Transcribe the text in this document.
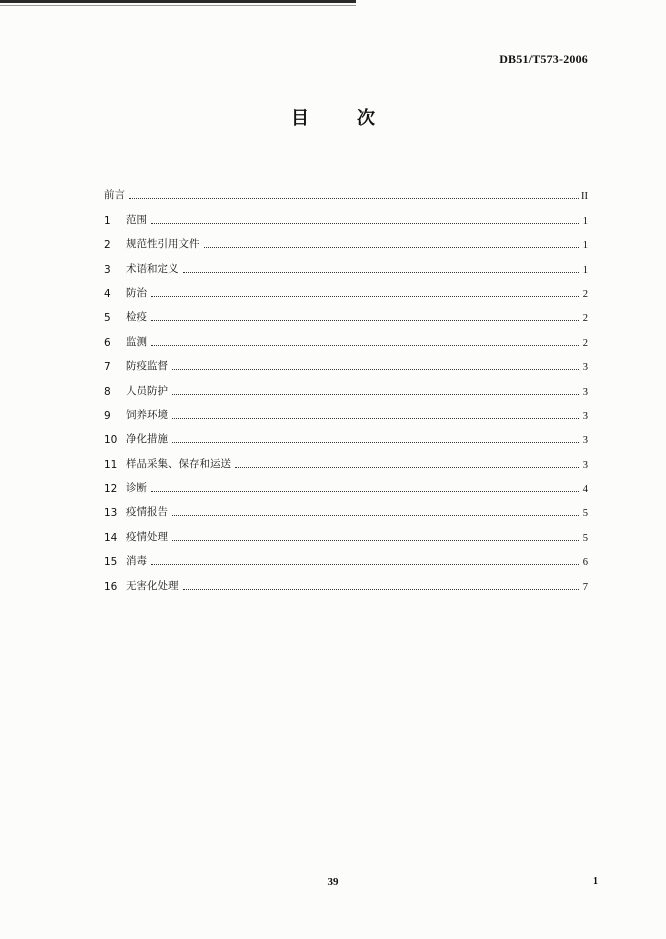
DB51/T573-2006
目次
前言	II
1	范围	1
2	规范性引用文件	1
3	术语和定义	1
4	防治	2
5	检疫	2
6	监测	2
7	防疫监督	3
8	人员防护	3
9	饲养环境	3
10 净化措施	3
11 样品采集、保存和运送	3
12 诊断	4
13 疫情报告	5
14 疫情处理	5
15 消毒	6
16 无害化处理	7
39	1
